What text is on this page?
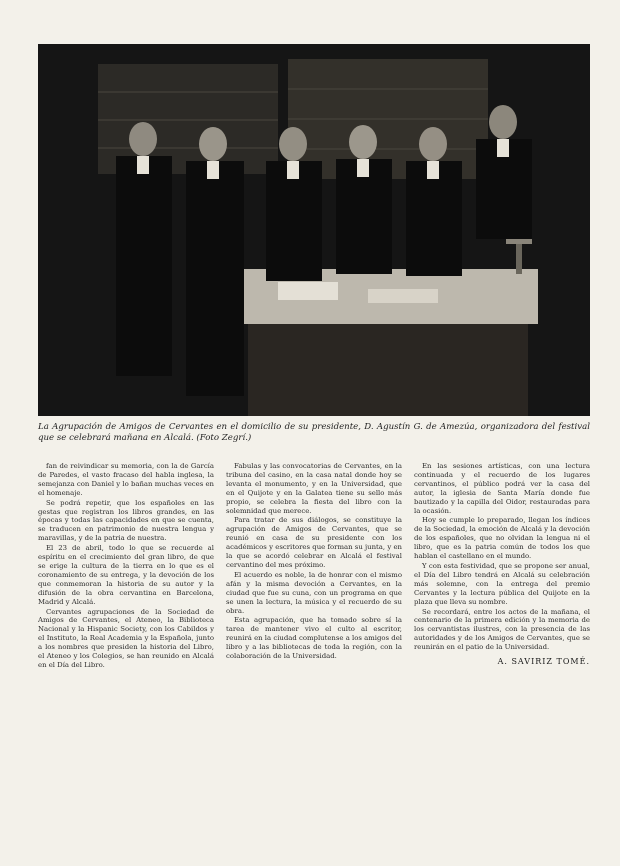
La Agrupación de Amigos de Cervantes en el domicilio de su presidente, D. Agustín G. de Amezúa, organizadora del festival que se celebrará mañana en Alcalá. (Foto Zegrí.)

fan de reivindicar su memoria, con la de García de Paredes, el vasto fracaso del habla inglesa, la semejanza con Daniel y lo bañan muchas veces en el homenaje.

Se podrá repetir, que los españoles en las gestas que registran los libros grandes, en las épocas y todas las capacidades en que se cuenta, se traducen en patrimonio de nuestra lengua y maravillas, y de la patria de nuestra.

El 23 de abril, todo lo que se recuerde al espíritu en el crecimiento del gran libro, de que se erige la cultura de la tierra en lo que es el coronamiento de su entrega, y la devoción de los que conmemoran la historia de su autor y la difusión de la obra cervantina en Barcelona, Madrid y Alcalá.

Cervantes agrupaciones de la Sociedad de Amigos de Cervantes, el Ateneo, la Biblioteca Nacional y la Hispanic Society, con los Cabildos y el Instituto, la Real Academia y la Española, junto a los nombres que presiden la historia del Libro, el Ateneo y los Colegios, se han reunido en Alcalá en el Día del Libro.

Fabulas y las convocatorias de Cervantes, en la tribuna del casino, en la casa natal donde hoy se levanta el monumento, y en la Universidad, que en el Quijote y en la Galatea tiene su sello más propio, se celebra la fiesta del libro con la solemnidad que merece.

Para tratar de sus diálogos, se constituye la agrupación de Amigos de Cervantes, que se reunió en casa de su presidente con los académicos y escritores que forman su junta, y en la que se acordó celebrar en Alcalá el festival cervantino del mes próximo.

El acuerdo es noble, la de honrar con el mismo afán y la misma devoción a Cervantes, en la ciudad que fue su cuna, con un programa en que se unen la lectura, la música y el recuerdo de su obra.

Esta agrupación, que ha tomado sobre sí la tarea de mantener vivo el culto al escritor, reunirá en la ciudad complutense a los amigos del libro y a las bibliotecas de toda la región, con la colaboración de la Universidad.

En las sesiones artísticas, con una lectura continuada y el recuerdo de los lugares cervantinos, el público podrá ver la casa del autor, la iglesia de Santa María donde fue bautizado y la capilla del Oidor, restauradas para la ocasión.

Hoy se cumple lo preparado, llegan los índices de la Sociedad, la emoción de Alcalá y la devoción de los españoles, que no olvidan la lengua ni el libro, que es la patria común de todos los que hablan el castellano en el mundo.

Y con esta festividad, que se propone ser anual, el Día del Libro tendrá en Alcalá su celebración más solemne, con la entrega del premio Cervantes y la lectura pública del Quijote en la plaza que lleva su nombre.

Se recordará, entre los actos de la mañana, el centenario de la primera edición y la memoria de los cervantistas ilustres, con la presencia de las autoridades y de los Amigos de Cervantes, que se reunirán en el patio de la Universidad.

A. SAVIRIZ TOMÉ.
